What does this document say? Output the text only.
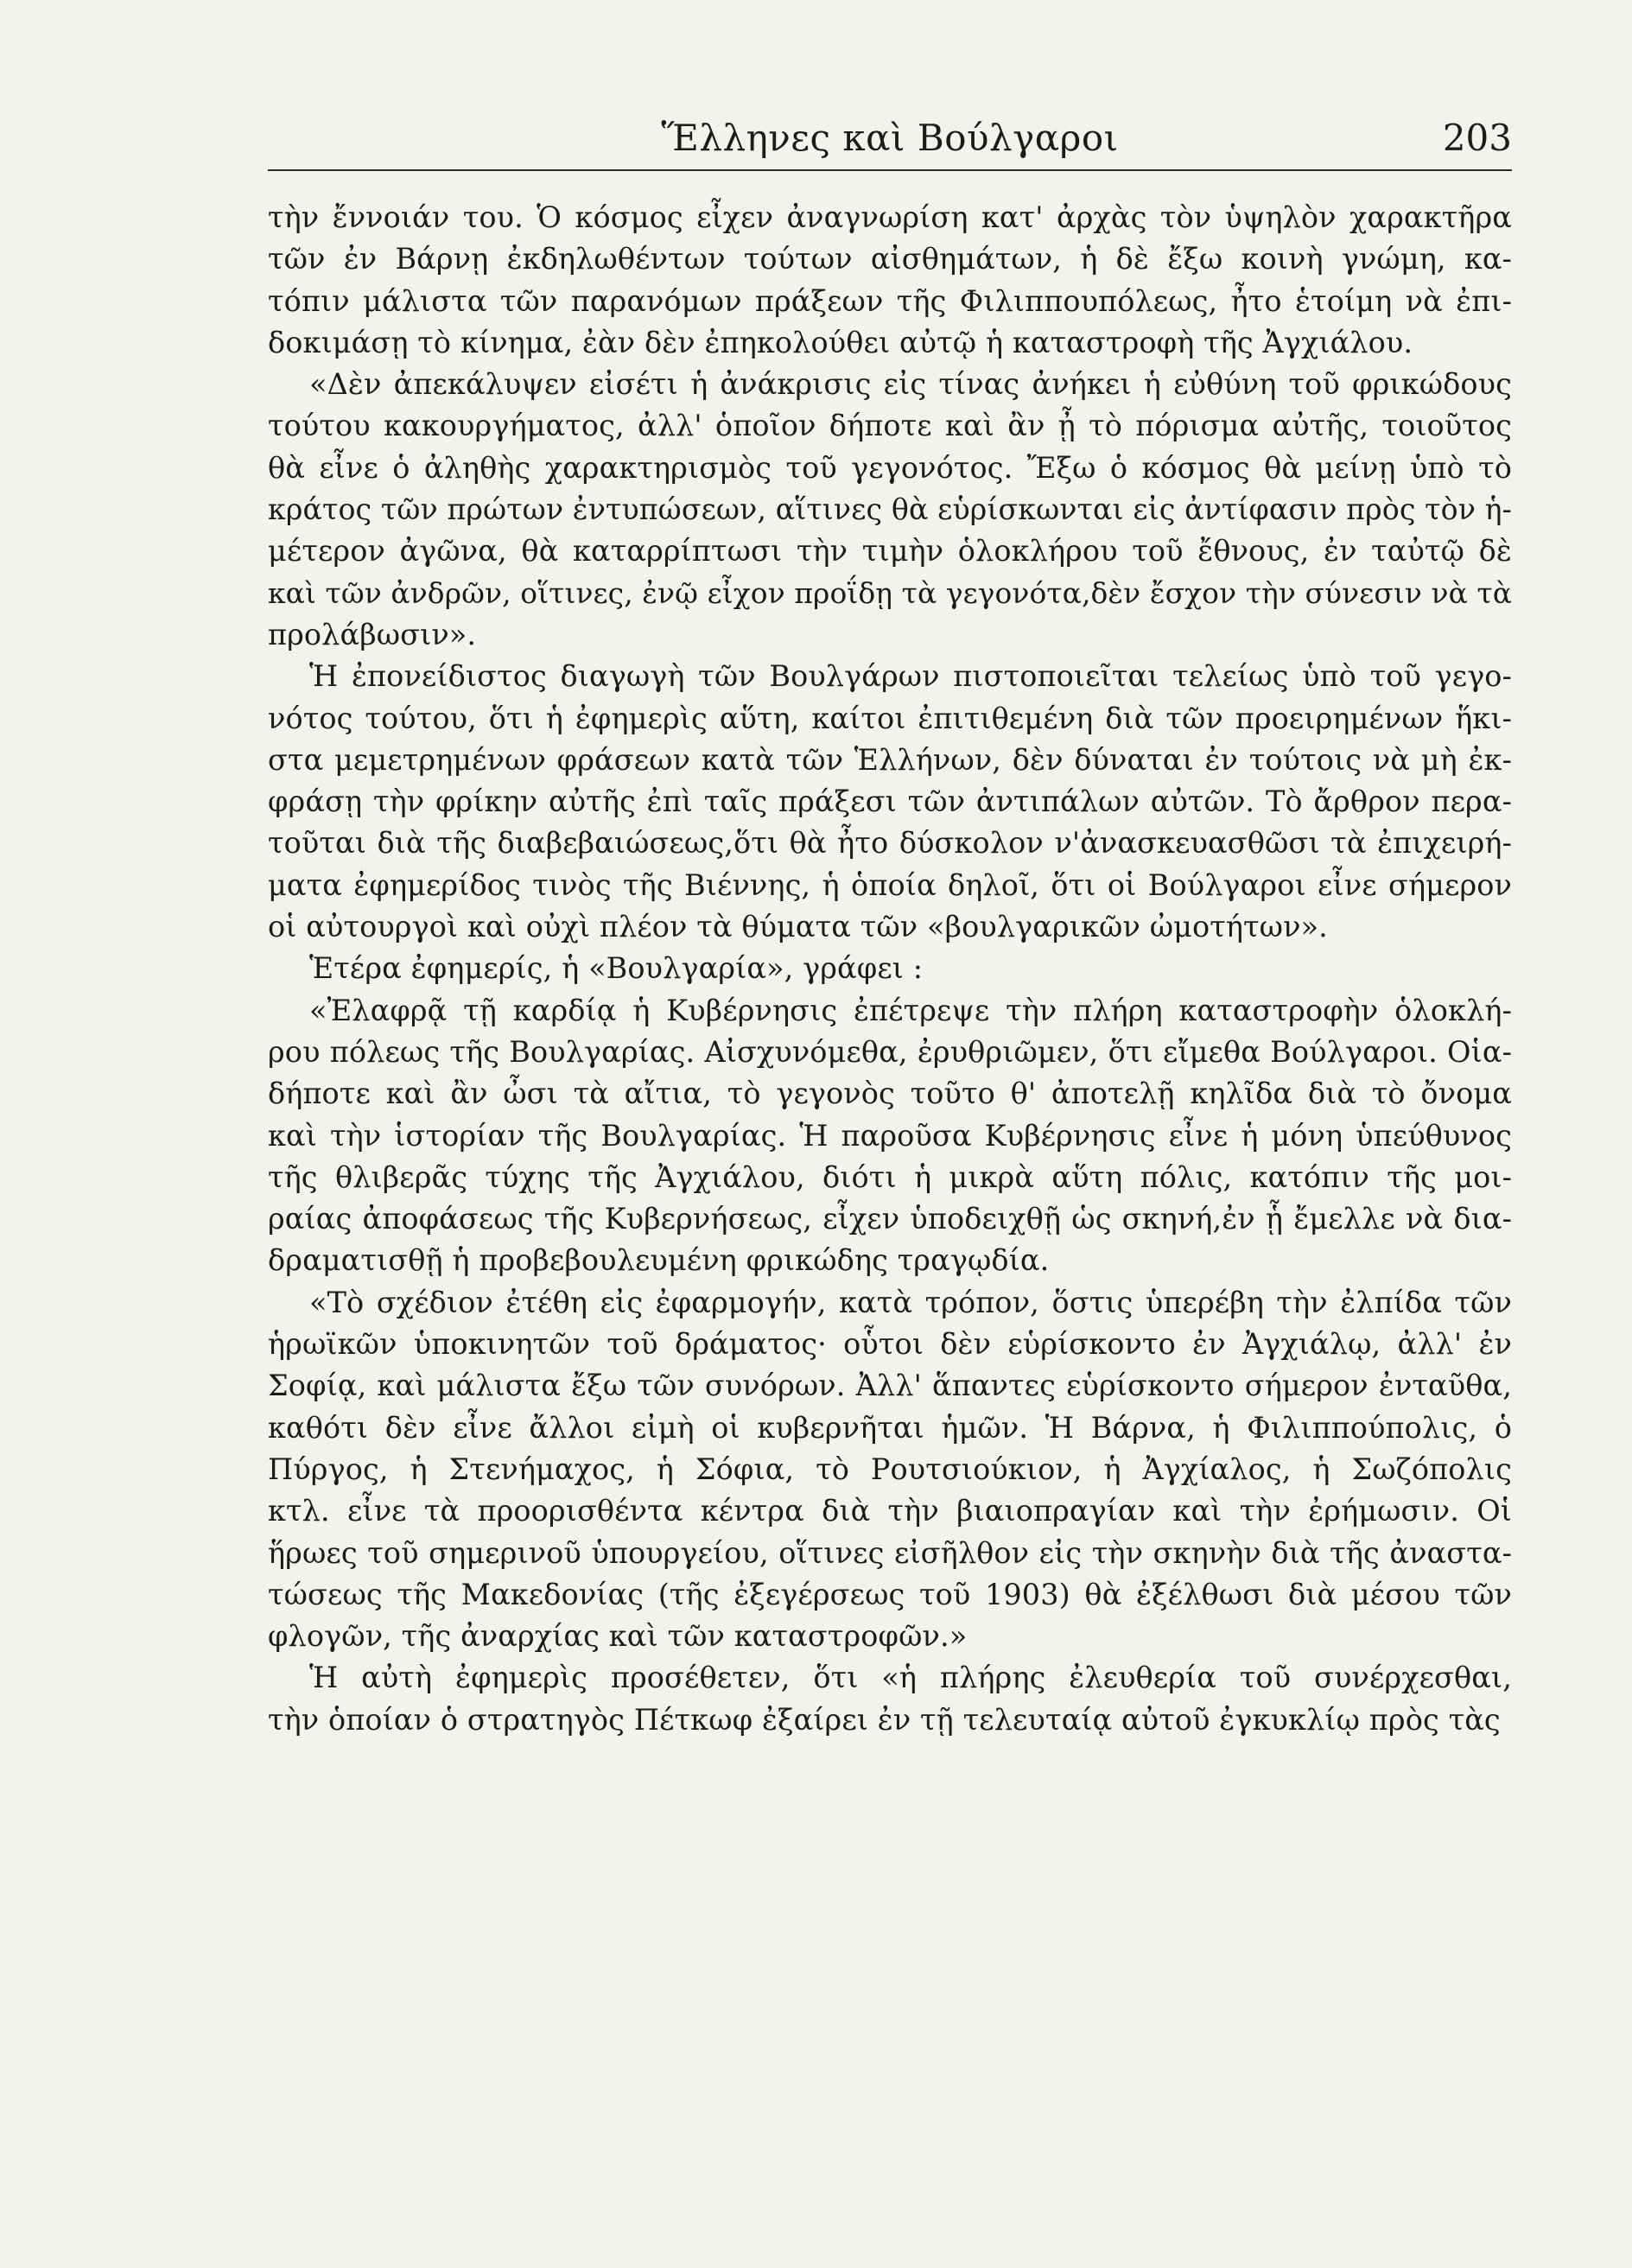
Ἕλληνες καὶ Βούλγαροι	203
τὴν ἔννοιάν του. Ὁ κόσμος εἶχεν ἀναγνωρίση κατ' ἀρχὰς τὸν ὑψηλὸν χαρακτῆρα
τῶν ἐν Βάρνῃ ἐκδηλωθέντων τούτων αἰσθημάτων, ἡ δὲ ἔξω κοινὴ γνώμη, κα-
τόπιν μάλιστα τῶν παρανόμων πράξεων τῆς Φιλιππουπόλεως, ἦτο ἑτοίμη νὰ ἐπι-
δοκιμάσῃ τὸ κίνημα, ἐὰν δὲν ἐπηκολούθει αὐτῷ ἡ καταστροφὴ τῆς Ἀγχιάλου.
«Δὲν ἀπεκάλυψεν εἰσέτι ἡ ἀνάκρισις εἰς τίνας ἀνήκει ἡ εὐθύνη τοῦ φρικώδους
τούτου κακουργήματος, ἀλλ' ὁποῖον δήποτε καὶ ἂν ᾖ τὸ πόρισμα αὐτῆς, τοιοῦτος
θὰ εἶνε ὁ ἀληθὴς χαρακτηρισμὸς τοῦ γεγονότος. Ἔξω ὁ κόσμος θὰ μείνῃ ὑπὸ τὸ
κράτος τῶν πρώτων ἐντυπώσεων, αἵτινες θὰ εὑρίσκωνται εἰς ἀντίφασιν πρὸς τὸν ἡ-
μέτερον ἀγῶνα, θὰ καταρρίπτωσι τὴν τιμὴν ὁλοκλήρου τοῦ ἔθνους, ἐν ταὐτῷ δὲ
καὶ τῶν ἀνδρῶν, οἵτινες, ἐνῷ εἶχον προΐδῃ τὰ γεγονότα,δὲν ἔσχον τὴν σύνεσιν νὰ τὰ
προλάβωσιν».
Ἡ ἐπονείδιστος διαγωγὴ τῶν Βουλγάρων πιστοποιεῖται τελείως ὑπὸ τοῦ γεγο-
νότος τούτου, ὅτι ἡ ἐφημερὶς αὕτη, καίτοι ἐπιτιθεμένη διὰ τῶν προειρημένων ἥκι-
στα μεμετρημένων φράσεων κατὰ τῶν Ἑλλήνων, δὲν δύναται ἐν τούτοις νὰ μὴ ἐκ-
φράσῃ τὴν φρίκην αὐτῆς ἐπὶ ταῖς πράξεσι τῶν ἀντιπάλων αὐτῶν. Τὸ ἄρθρον περα-
τοῦται διὰ τῆς διαβεβαιώσεως,ὅτι θὰ ἦτο δύσκολον ν'ἀνασκευασθῶσι τὰ ἐπιχειρή-
ματα ἐφημερίδος τινὸς τῆς Βιέννης, ἡ ὁποία δηλοῖ, ὅτι οἱ Βούλγαροι εἶνε σήμερον
οἱ αὐτουργοὶ καὶ οὐχὶ πλέον τὰ θύματα τῶν «βουλγαρικῶν ὠμοτήτων».
Ἑτέρα ἐφημερίς, ἡ «Βουλγαρία», γράφει :
«Ἐλαφρᾷ τῇ καρδίᾳ ἡ Κυβέρνησις ἐπέτρεψε τὴν πλήρη καταστροφὴν ὁλοκλή-
ρου πόλεως τῆς Βουλγαρίας. Αἰσχυνόμεθα, ἐρυθριῶμεν, ὅτι εἴμεθα Βούλγαροι. Οἱα-
δήποτε καὶ ἂν ὦσι τὰ αἴτια, τὸ γεγονὸς τοῦτο θ' ἀποτελῇ κηλῖδα διὰ τὸ ὄνομα
καὶ τὴν ἱστορίαν τῆς Βουλγαρίας. Ἡ παροῦσα Κυβέρνησις εἶνε ἡ μόνη ὑπεύθυνος
τῆς θλιβερᾶς τύχης τῆς Ἀγχιάλου, διότι ἡ μικρὰ αὕτη πόλις, κατόπιν τῆς μοι-
ραίας ἀποφάσεως τῆς Κυβερνήσεως, εἶχεν ὑποδειχθῇ ὡς σκηνή,ἐν ᾗ ἔμελλε νὰ δια-
δραματισθῇ ἡ προβεβουλευμένη φρικώδης τραγῳδία.
«Τὸ σχέδιον ἐτέθη εἰς ἐφαρμογήν, κατὰ τρόπον, ὅστις ὑπερέβη τὴν ἐλπίδα τῶν
ἡρωϊκῶν ὑποκινητῶν τοῦ δράματος· οὗτοι δὲν εὑρίσκοντο ἐν Ἀγχιάλῳ, ἀλλ' ἐν
Σοφίᾳ, καὶ μάλιστα ἔξω τῶν συνόρων. Ἀλλ' ἅπαντες εὑρίσκοντο σήμερον ἐνταῦθα,
καθότι δὲν εἶνε ἄλλοι εἰμὴ οἱ κυβερνῆται ἡμῶν. Ἡ Βάρνα, ἡ Φιλιππούπολις, ὁ
Πύργος, ἡ Στενήμαχος, ἡ Σόφια, τὸ Ρουτσιούκιον, ἡ Ἀγχίαλος, ἡ Σωζόπολις
κτλ. εἶνε τὰ προορισθέντα κέντρα διὰ τὴν βιαιοπραγίαν καὶ τὴν ἐρήμωσιν. Οἱ
ἥρωες τοῦ σημερινοῦ ὑπουργείου, οἵτινες εἰσῆλθον εἰς τὴν σκηνὴν διὰ τῆς ἀναστα-
τώσεως τῆς Μακεδονίας (τῆς ἐξεγέρσεως τοῦ 1903) θὰ ἐξέλθωσι διὰ μέσου τῶν
φλογῶν, τῆς ἀναρχίας καὶ τῶν καταστροφῶν.»
Ἡ αὐτὴ ἐφημερὶς προσέθετεν, ὅτι «ἡ πλήρης ἐλευθερία τοῦ συνέρχεσθαι,
τὴν ὁποίαν ὁ στρατηγὸς Πέτκωφ ἐξαίρει ἐν τῇ τελευταίᾳ αὐτοῦ ἐγκυκλίῳ πρὸς τὰς
